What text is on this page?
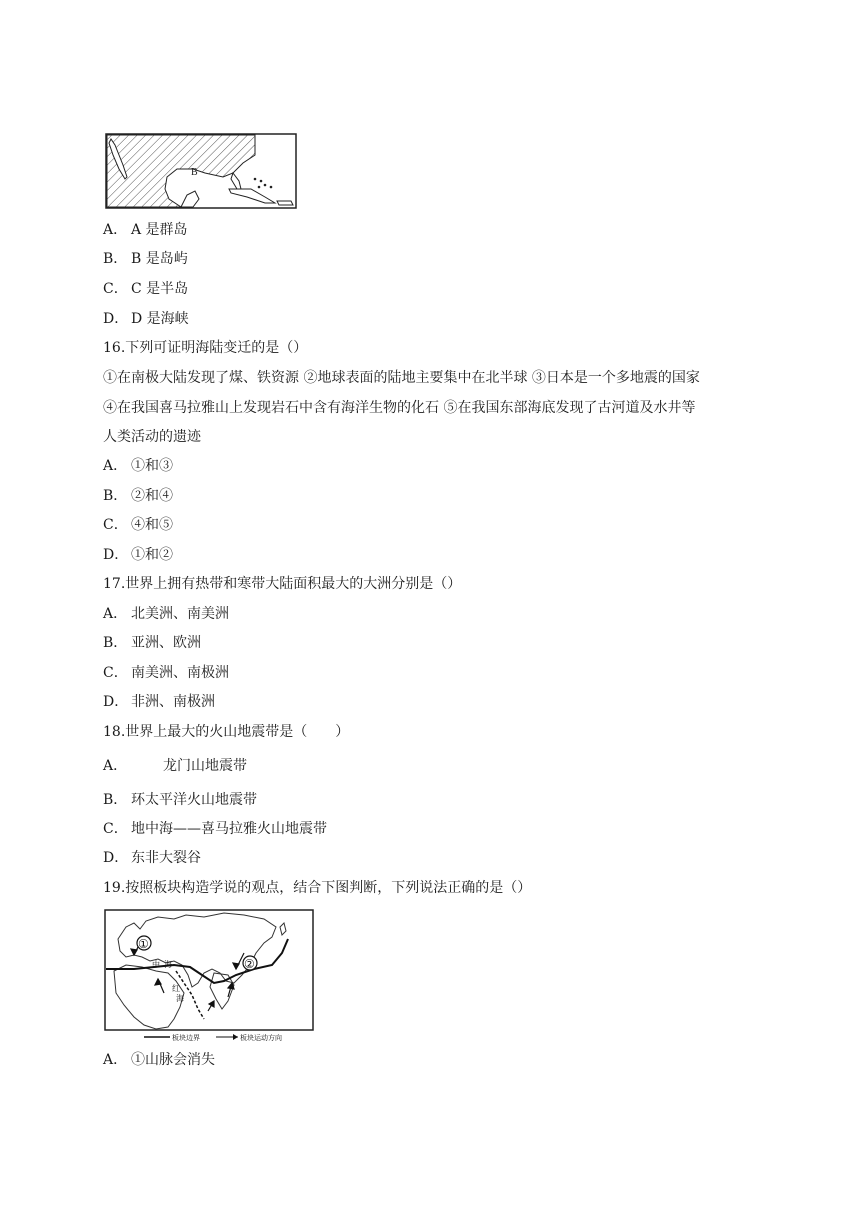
B
A． A 是群岛
B． B 是岛屿
C． C 是半岛
D． D 是海峡
16.下列可证明海陆变迁的是（）
①在南极大陆发现了煤、铁资源 ②地球表面的陆地主要集中在北半球 ③日本是一个多地震的国家
④在我国喜马拉雅山上发现岩石中含有海洋生物的化石 ⑤在我国东部海底发现了古河道及水井等
人类活动的遗迹
A． ①和③
B． ②和④
C． ④和⑤
D． ①和②
17.世界上拥有热带和寒带大陆面积最大的大洲分别是（）
A． 北美洲、南美洲
B． 亚洲、欧洲
C． 南美洲、南极洲
D． 非洲、南极洲
18.世界上最大的火山地震带是（　　）
A．	龙门山地震带
B． 环太平洋火山地震带
C． 地中海——喜马拉雅火山地震带
D． 东非大裂谷
19.按照板块构造学说的观点，结合下图判断，下列说法正确的是（）
①
②
中 海
红
海
板块边界	板块运动方向
A． ①山脉会消失
